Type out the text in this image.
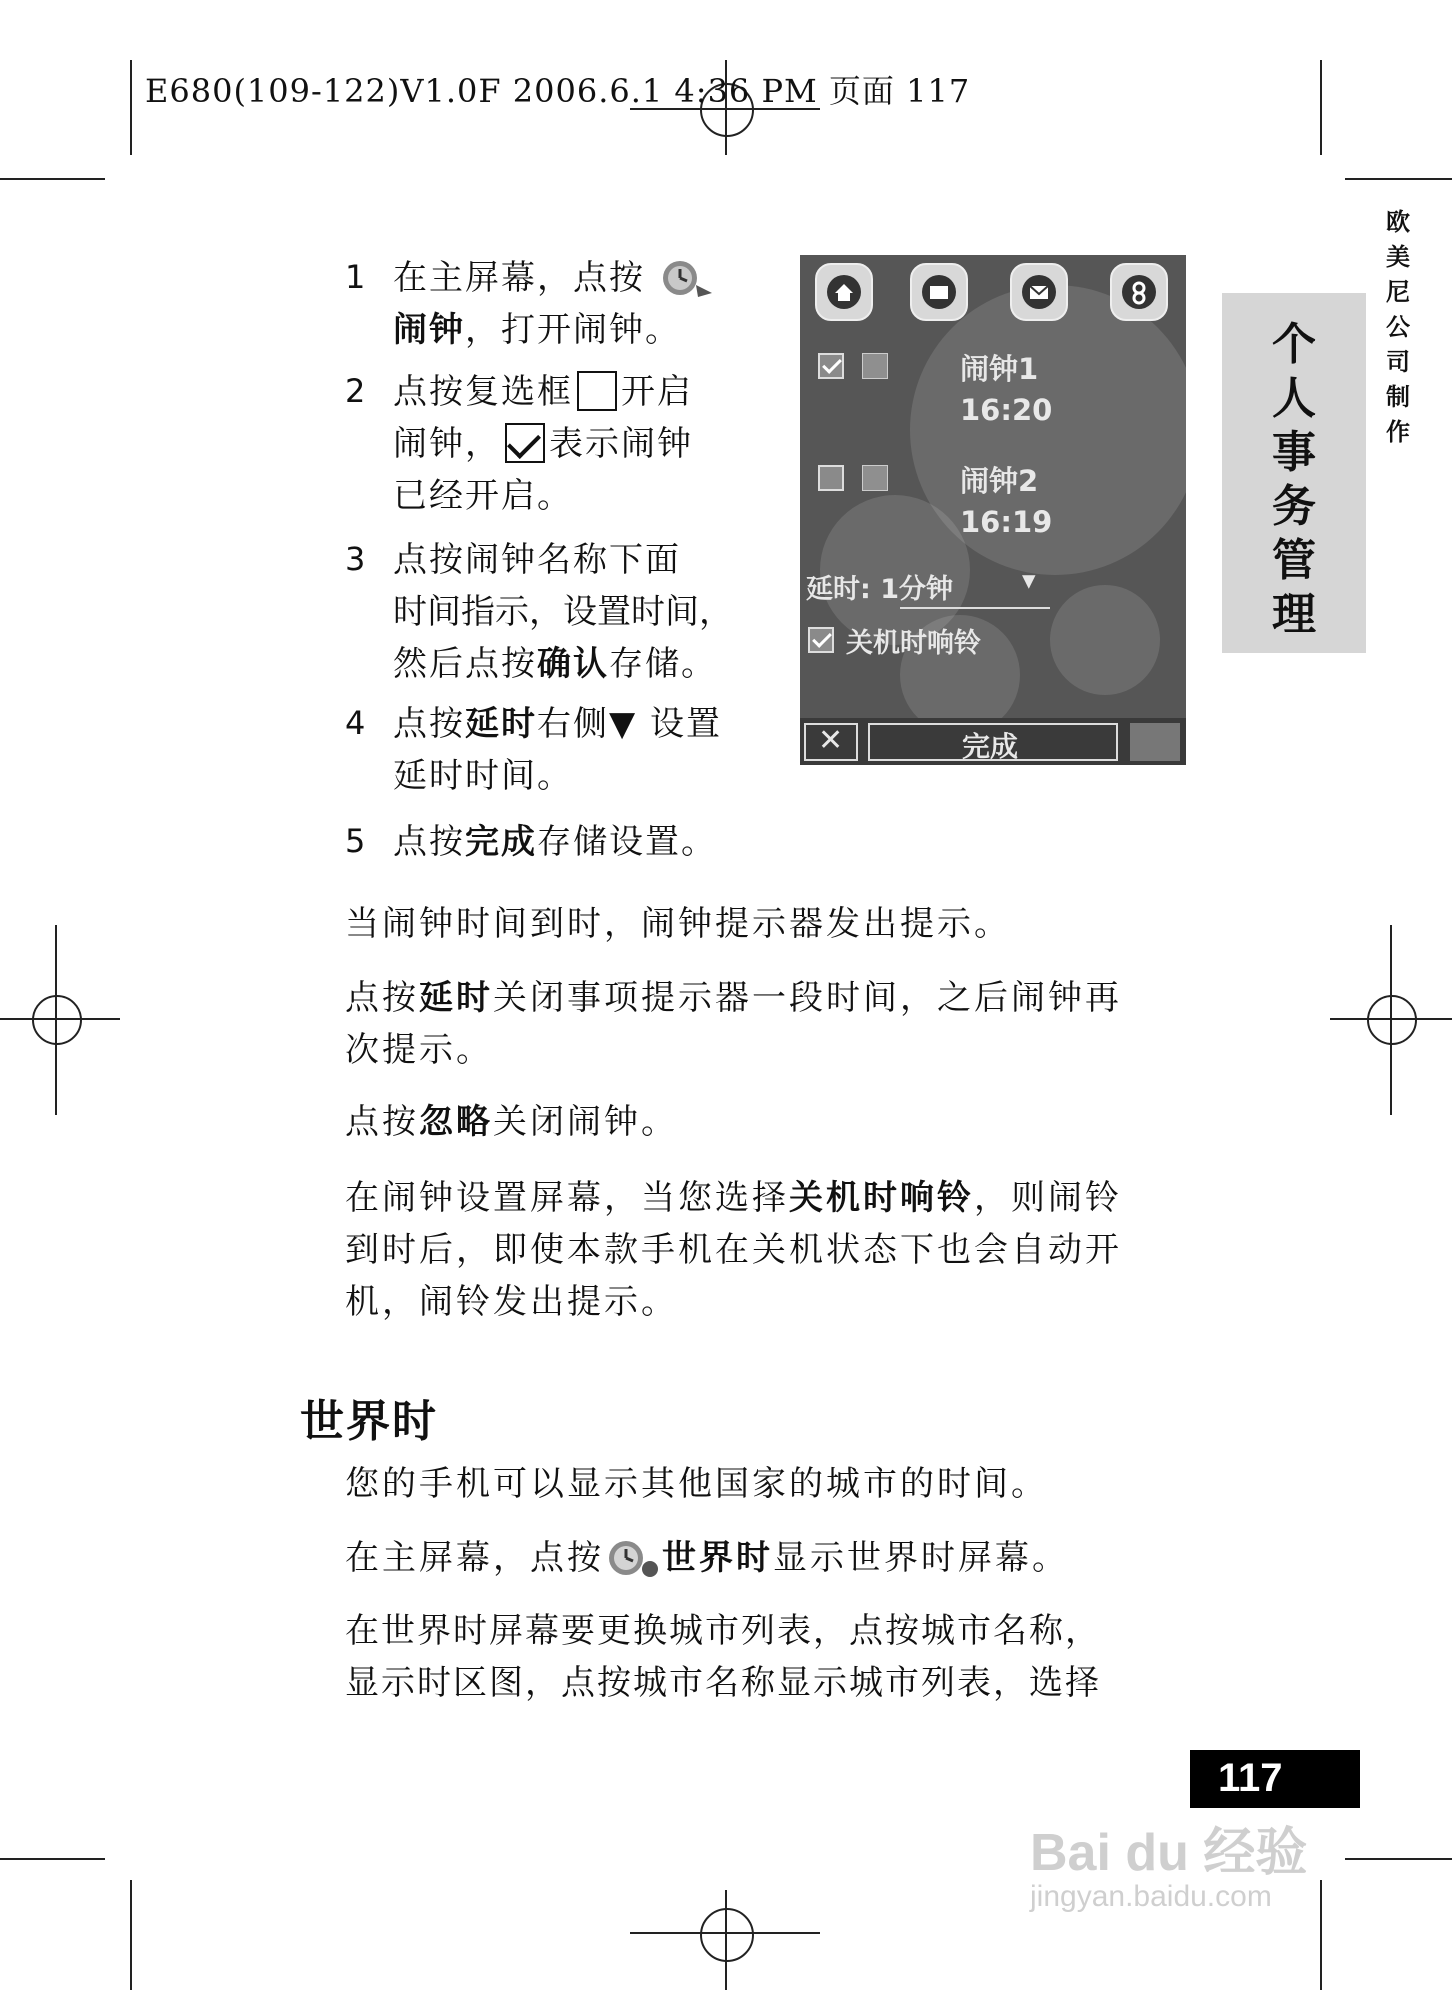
E680(109-122)V1.0F 2006.6.1 4:36 PM 页面 117
欧美尼公司制作
个
人
事
务
管
理
1 在主屏幕，点按
闹钟，打开闹钟。
2 点按复选框 开启
闹钟， 表示闹钟
已经开启。
3 点按闹钟名称下面
时间指示，设置时间，
然后点按确认存储。
4 点按延时右侧▼ 设置
延时时间。
5 点按完成存储设置。
闹钟1
16:20
闹钟2
16:19
延时: 1分钟	▾
关机时响铃
✕	完成
当闹钟时间到时，闹钟提示器发出提示。
点按延时关闭事项提示器一段时间，之后闹钟再
次提示。
点按忽略关闭闹钟。
在闹钟设置屏幕，当您选择关机时响铃，则闹铃
到时后，即使本款手机在关机状态下也会自动开
机，闹铃发出提示。
世界时
您的手机可以显示其他国家的城市的时间。
在主屏幕，点按 世界时显示世界时屏幕。
在世界时屏幕要更换城市列表，点按城市名称，
显示时区图，点按城市名称显示城市列表，选择
117
Bai du 经验
jingyan.baidu.com
